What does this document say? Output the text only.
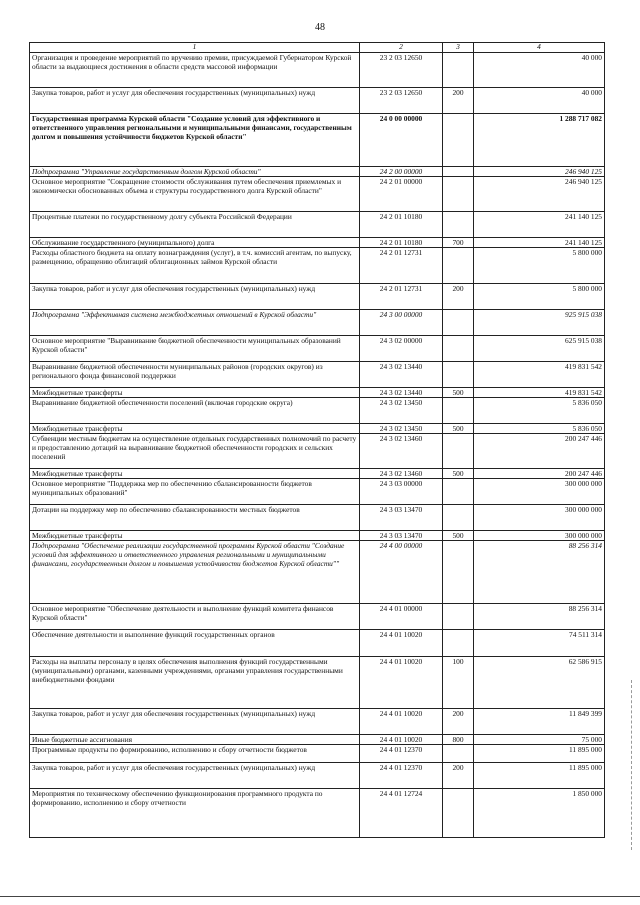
48
1	2	3	4
Организация и проведение мероприятий по вручению премии, присуждаемой Губернатором Курской области за выдающиеся достижения в области средств массовой информации	23 2 03 12650		40 000
Закупка товаров, работ и услуг для обеспечения государственных (муниципальных) нужд	23 2 03 12650	200	40 000
Государственная программа Курской области "Создание условий для эффективного и ответственного управления региональными и муниципальными финансами, государственным долгом и повышения устойчивости бюджетов Курской области"	24 0 00 00000		1 288 717 082
Подпрограмма "Управление государственным долгом Курской области"	24 2 00 00000		246 940 125
Основное мероприятие "Сокращение стоимости обслуживания путем обеспечения приемлемых и экономически обоснованных объема и структуры государственного долга Курской области"	24 2 01 00000		246 940 125
Процентные платежи по государственному долгу субъекта Российской Федерации	24 2 01 10180		241 140 125
Обслуживание государственного (муниципального) долга	24 2 01 10180	700	241 140 125
Расходы областного бюджета на оплату вознаграждения (услуг), в т.ч. комиссий агентам, по выпуску, размещению, обращению облигаций облигационных займов Курской области	24 2 01 12731		5 800 000
Закупка товаров, работ и услуг для обеспечения государственных (муниципальных) нужд	24 2 01 12731	200	5 800 000
Подпрограмма "Эффективная система межбюджетных отношений в Курской области"	24 3 00 00000		925 915 038
Основное мероприятие "Выравнивание бюджетной обеспеченности муниципальных образований Курской области"	24 3 02 00000		625 915 038
Выравнивание бюджетной обеспеченности муниципальных районов (городских округов) из регионального фонда финансовой поддержки	24 3 02 13440		419 831 542
Межбюджетные трансферты	24 3 02 13440	500	419 831 542
Выравнивание бюджетной обеспеченности поселений (включая городские округа)	24 3 02 13450		5 836 050
Межбюджетные трансферты	24 3 02 13450	500	5 836 050
Субвенции местным бюджетам на осуществление отдельных государственных полномочий по расчету и предоставлению дотаций на выравнивание бюджетной обеспеченности городских и сельских поселений	24 3 02 13460		200 247 446
Межбюджетные трансферты	24 3 02 13460	500	200 247 446
Основное мероприятие "Поддержка мер по обеспечению сбалансированности бюджетов муниципальных образований"	24 3 03 00000		300 000 000
Дотации на поддержку мер по обеспечению сбалансированности местных бюджетов	24 3 03 13470		300 000 000
Межбюджетные трансферты	24 3 03 13470	500	300 000 000
Подпрограмма "Обеспечение реализации государственной программы Курской области "Создание условий для эффективного и ответственного управления региональными и муниципальными финансами, государственным долгом и повышения устойчивости бюджетов Курской области""	24 4 00 00000		88 256 314
Основное мероприятие "Обеспечение деятельности и выполнение функций комитета финансов Курской области"	24 4 01 00000		88 256 314
Обеспечение деятельности и выполнение функций государственных органов	24 4 01 10020		74 511 314
Расходы на выплаты персоналу в целях обеспечения выполнения функций государственными (муниципальными) органами, казенными учреждениями, органами управления государственными внебюджетными фондами	24 4 01 10020	100	62 586 915
Закупка товаров, работ и услуг для обеспечения государственных (муниципальных) нужд	24 4 01 10020	200	11 849 399
Иные бюджетные ассигнования	24 4 01 10020	800	75 000
Программные продукты по формированию, исполнению и сбору отчетности бюджетов	24 4 01 12370		11 895 000
Закупка товаров, работ и услуг для обеспечения государственных (муниципальных) нужд	24 4 01 12370	200	11 895 000
Мероприятия по техническому обеспечению функционирования программного продукта по формированию, исполнению и сбору отчетности	24 4 01 12724		1 850 000
